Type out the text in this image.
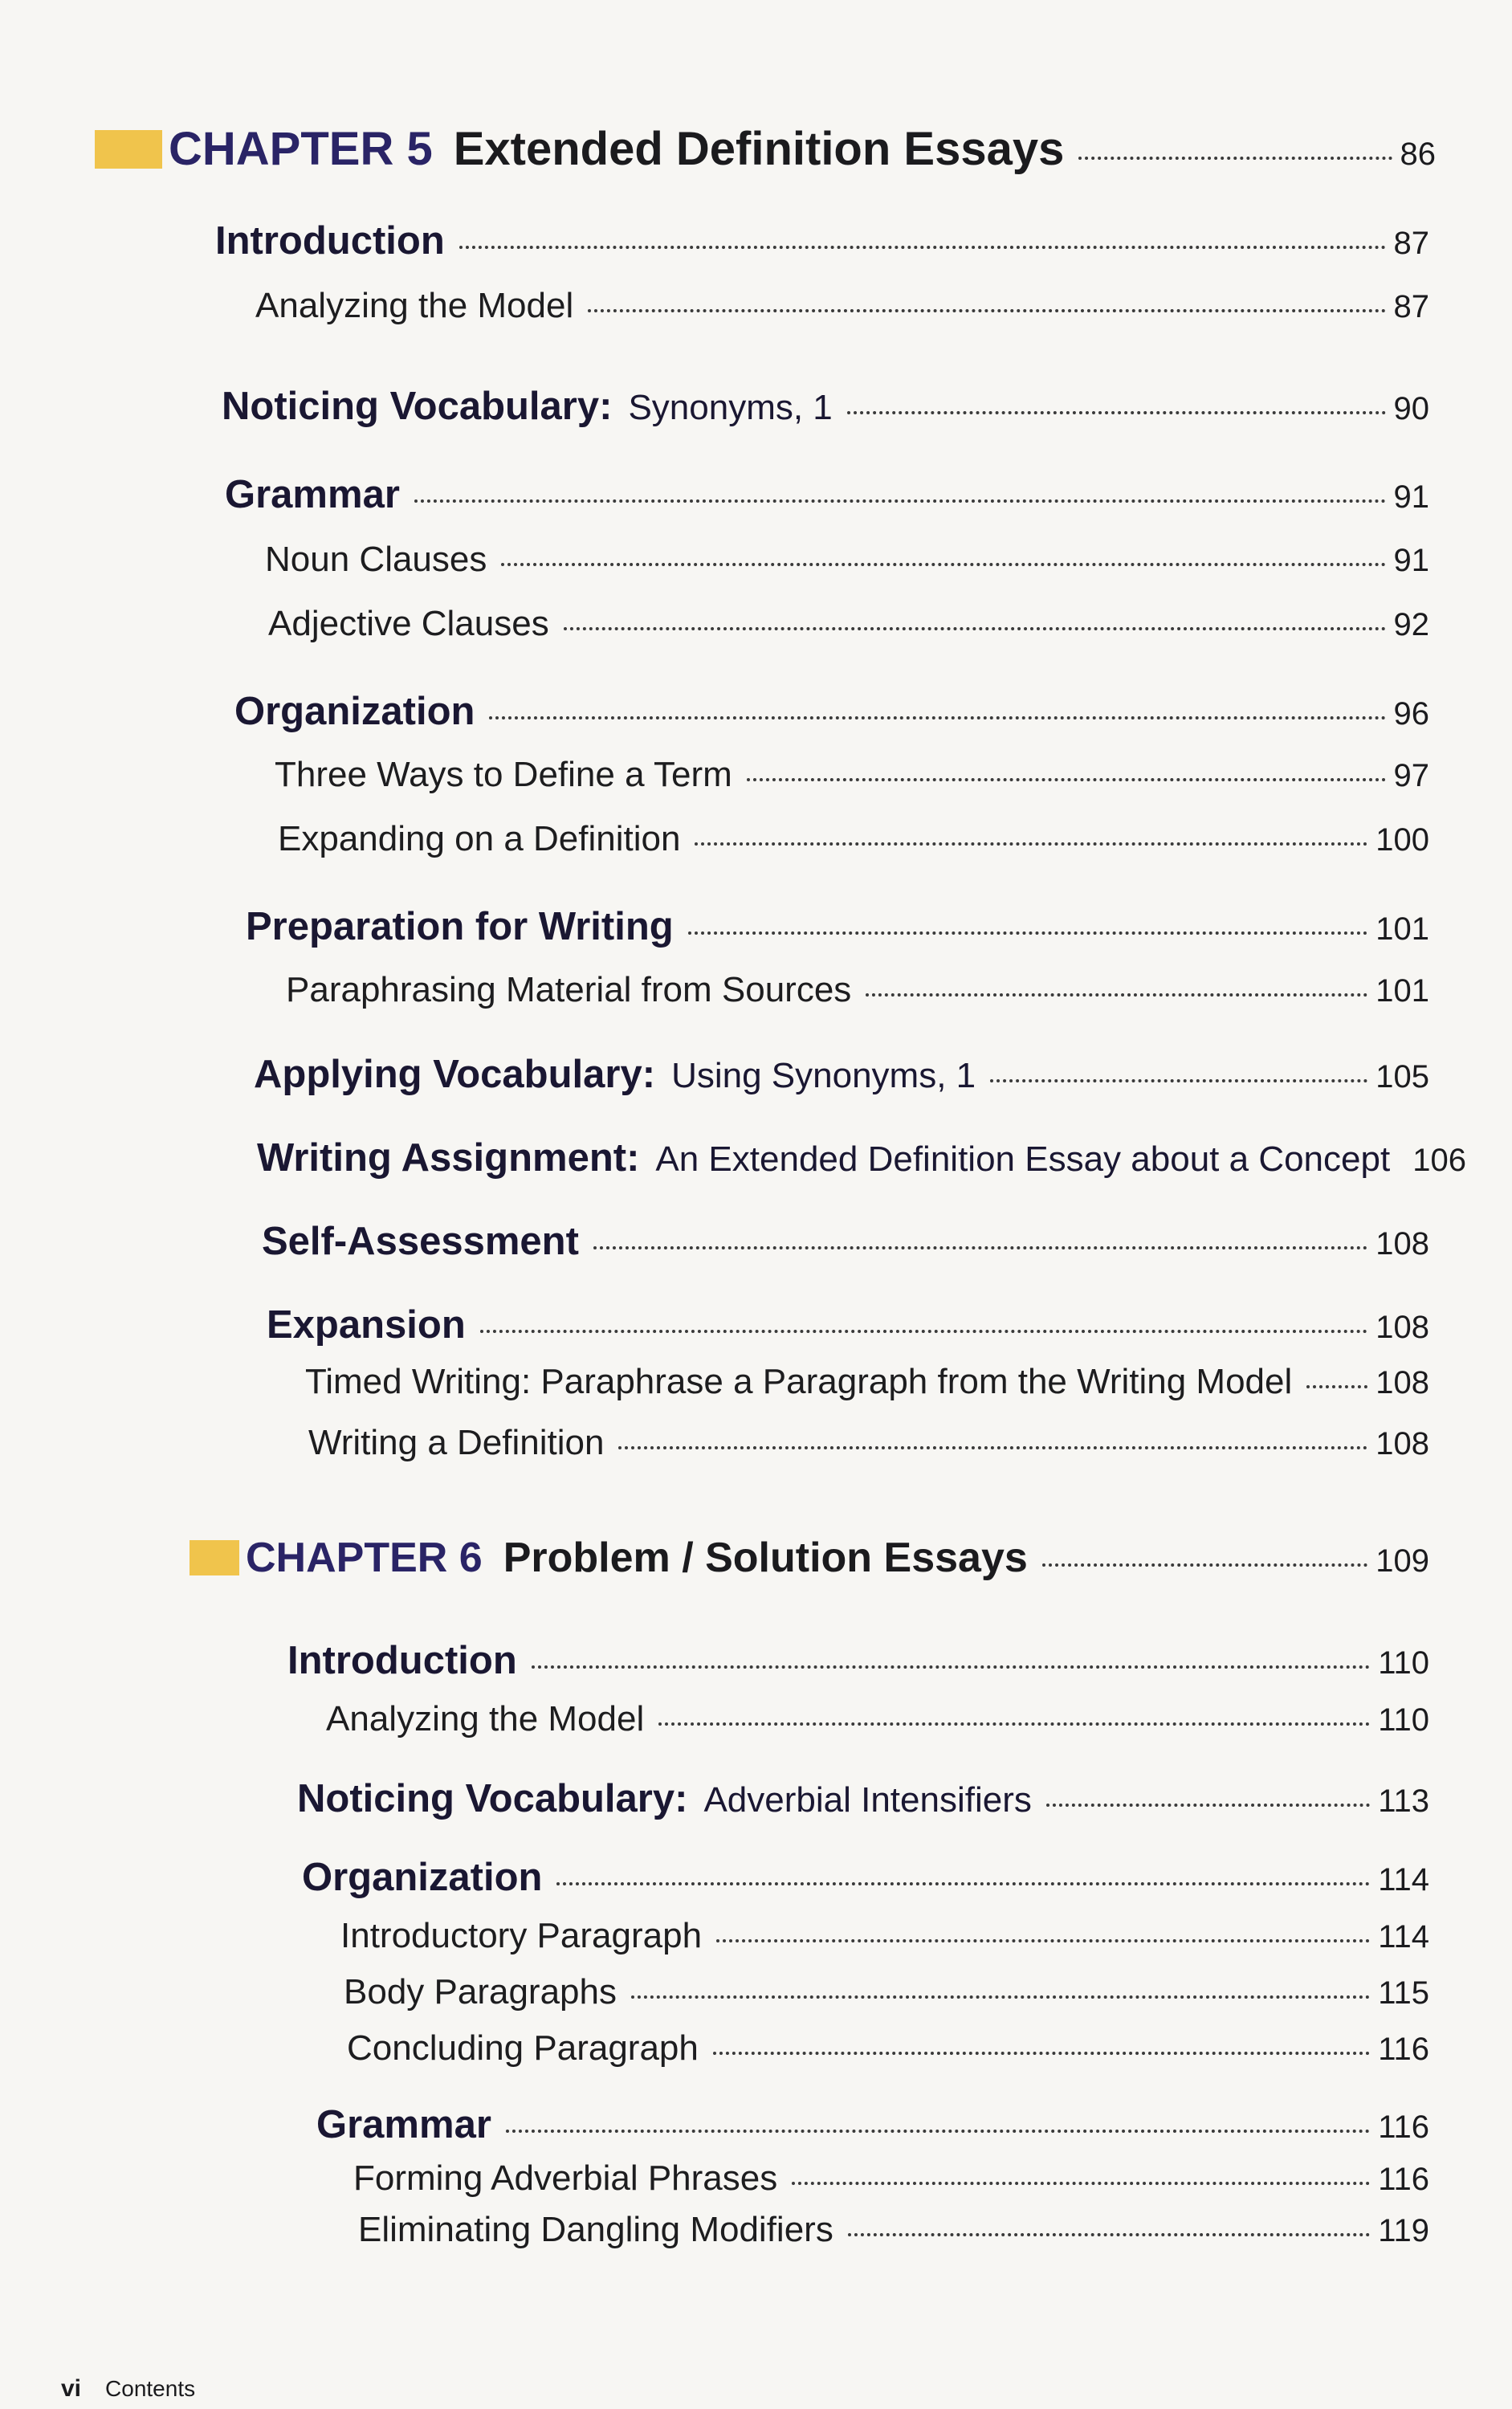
CHAPTER 5 Extended Definition Essays	86
Introduction	87
Analyzing the Model	87
Noticing Vocabulary: Synonyms, 1	90
Grammar	91
Noun Clauses	91
Adjective Clauses	92
Organization	96
Three Ways to Define a Term	97
Expanding on a Definition	100
Preparation for Writing	101
Paraphrasing Material from Sources	101
Applying Vocabulary: Using Synonyms, 1	105
Writing Assignment: An Extended Definition Essay about a Concept 106
Self-Assessment	108
Expansion	108
Timed Writing: Paraphrase a Paragraph from the Writing Model	108
Writing a Definition	108
CHAPTER 6 Problem / Solution Essays	109
Introduction	110
Analyzing the Model	110
Noticing Vocabulary: Adverbial Intensifiers	113
Organization	114
Introductory Paragraph	114
Body Paragraphs	115
Concluding Paragraph	116
Grammar	116
Forming Adverbial Phrases	116
Eliminating Dangling Modifiers	119
vi Contents
